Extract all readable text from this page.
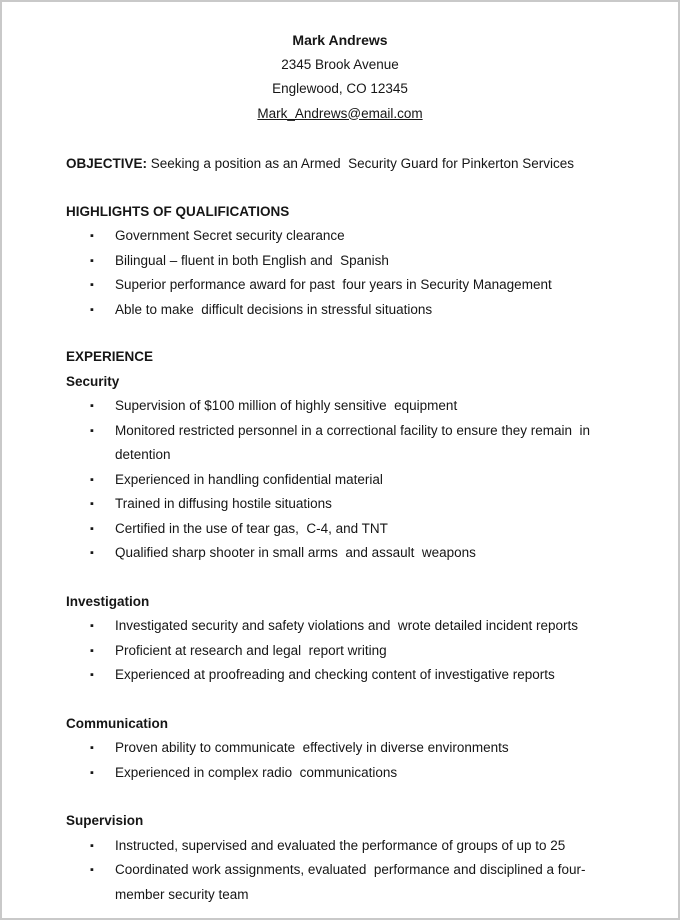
Mark Andrews
2345 Brook Avenue
Englewood, CO 12345
Mark_Andrews@email.com

OBJECTIVE: Seeking a position as an Armed  Security Guard for Pinkerton Services

HIGHLIGHTS OF QUALIFICATIONS
▪	Government Secret security clearance
▪	Bilingual – fluent in both English and  Spanish
▪	Superior performance award for past  four years in Security Management
▪	Able to make  difficult decisions in stressful situations
EXPERIENCE
Security
▪	Supervision of $100 million of highly sensitive  equipment
▪	Monitored restricted personnel in a correctional facility to ensure they remain  in detention
▪	Experienced in handling confidential material
▪	Trained in diffusing hostile situations
▪	Certified in the use of tear gas,  C-4, and TNT
▪	Qualified sharp shooter in small arms  and assault  weapons
Investigation
▪	Investigated security and safety violations and  wrote detailed incident reports
▪	Proficient at research and legal  report writing
▪	Experienced at proofreading and checking content of investigative reports
Communication
▪	Proven ability to communicate  effectively in diverse environments
▪	Experienced in complex radio  communications
Supervision
▪	Instructed, supervised and evaluated the performance of groups of up to 25
▪	Coordinated work assignments, evaluated  performance and disciplined a four-member security team
